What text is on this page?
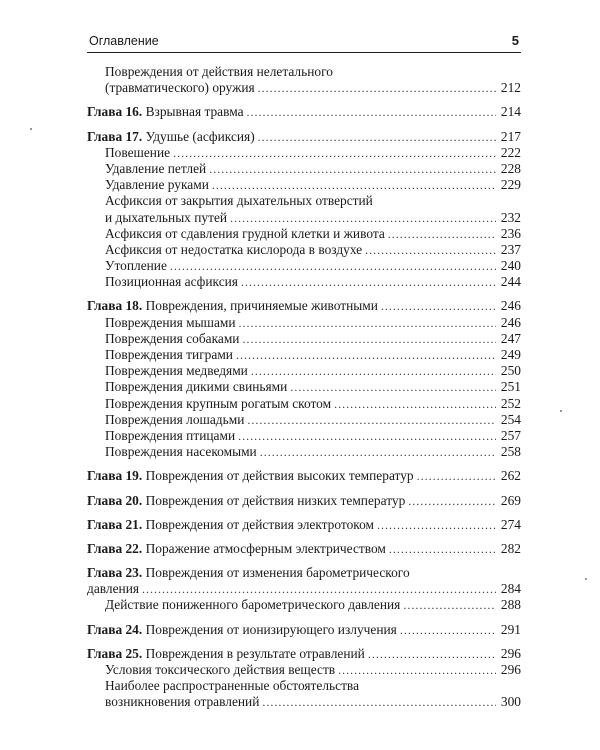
Оглавление	5
Повреждения от действия нелетального
(травматического) оружия .....	212
Глава 16. Взрывная травма .....	214
Глава 17. Удушье (асфиксия) .....	217
Повешение .....	222
Удавление петлей .....	228
Удавление руками .....	229
Асфиксия от закрытия дыхательных отверстий
и дыхательных путей .....	232
Асфиксия от сдавления грудной клетки и живота .....	236
Асфиксия от недостатка кислорода в воздухе .....	237
Утопление .....	240
Позиционная асфиксия .....	244
Глава 18. Повреждения, причиняемые животными .....	246
Повреждения мышами .....	246
Повреждения собаками .....	247
Повреждения тиграми .....	249
Повреждения медведями .....	250
Повреждения дикими свиньями .....	251
Повреждения крупным рогатым скотом .....	252
Повреждения лошадьми .....	254
Повреждения птицами .....	257
Повреждения насекомыми .....	258
Глава 19. Повреждения от действия высоких температур .....	262
Глава 20. Повреждения от действия низких температур .....	269
Глава 21. Повреждения от действия электротоком .....	274
Глава 22. Поражение атмосферным электричеством .....	282
Глава 23. Повреждения от изменения барометрического
давления .....	284
Действие пониженного барометрического давления .....	288
Глава 24. Повреждения от ионизирующего излучения .....	291
Глава 25. Повреждения в результате отравлений .....	296
Условия токсического действия веществ .....	296
Наиболее распространенные обстоятельства
возникновения отравлений .....	300
